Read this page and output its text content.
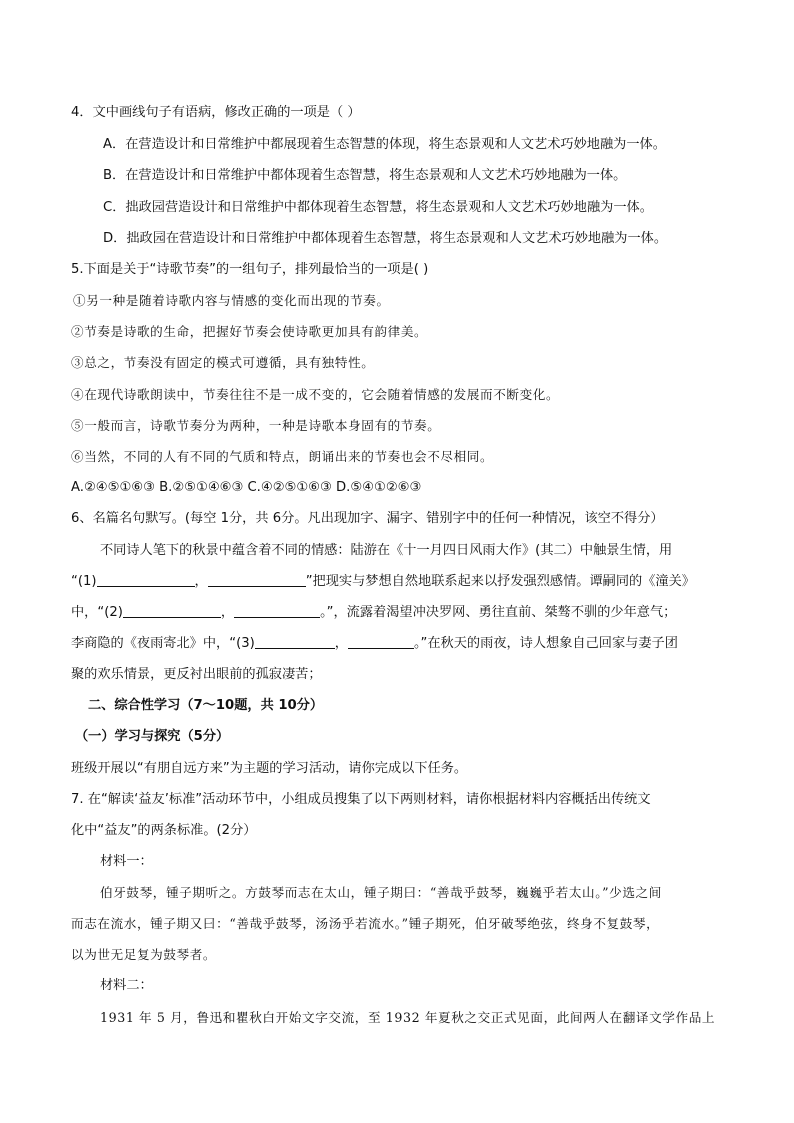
4．文中画线句子有语病，修改正确的一项是（ ）
A．在营造设计和日常维护中都展现着生态智慧的体现，将生态景观和人文艺术巧妙地融为一体。
B．在营造设计和日常维护中都体现着生态智慧，将生态景观和人文艺术巧妙地融为一体。
C．拙政园营造设计和日常维护中都体现着生态智慧，将生态景观和人文艺术巧妙地融为一体。
D．拙政园在营造设计和日常维护中都体现着生态智慧，将生态景观和人文艺术巧妙地融为一体。
5.下面是关于“诗歌节奏”的一组句子，排列最恰当的一项是( )
①另一种是随着诗歌内容与情感的变化而出现的节奏。
②节奏是诗歌的生命，把握好节奏会使诗歌更加具有韵律美。
③总之，节奏没有固定的模式可遵循，具有独特性。
④在现代诗歌朗读中，节奏往往不是一成不变的，它会随着情感的发展而不断变化。
⑤一般而言，诗歌节奏分为两种，一种是诗歌本身固有的节奏。
⑥当然，不同的人有不同的气质和特点，朗诵出来的节奏也会不尽相同。
A.②④⑤①⑥③ B.②⑤①④⑥③ C.④②⑤①⑥③ D.⑤④①②⑥③
6、名篇名句默写。(每空 1分，共 6分。凡出现加字、漏字、错别字中的任何一种情况，该空不得分）
不同诗人笔下的秋景中蕴含着不同的情感：陆游在《十一月四日风雨大作》(其二）中触景生情，用
“(1)	，	”把现实与梦想自然地联系起来以抒发强烈感情。谭嗣同的《潼关》
中，“(2)	，	。”，流露着渴望冲决罗网、勇往直前、桀骜不驯的少年意气；
李商隐的《夜雨寄北》中，“(3)	，	。”在秋天的雨夜，诗人想象自己回家与妻子团
聚的欢乐情景，更反衬出眼前的孤寂凄苦；
二、综合性学习（7～10题，共 10分）
（一）学习与探究（5分）
班级开展以“有朋自远方来”为主题的学习活动，请你完成以下任务。
7. 在“解读‘益友’标准”活动环节中，小组成员搜集了以下两则材料，请你根据材料内容概括出传统文
化中“益友”的两条标准。(2分）
材料一：
伯牙鼓琴，锺子期听之。方鼓琴而志在太山，锺子期曰：“善哉乎鼓琴，巍巍乎若太山。”少选之间
而志在流水，锺子期又曰：“善哉乎鼓琴，汤汤乎若流水。”锺子期死，伯牙破琴绝弦，终身不复鼓琴，
以为世无足复为鼓琴者。
材料二：
1931 年 5 月，鲁迅和瞿秋白开始文字交流，至 1932 年夏秋之交正式见面，此间两人在翻译文学作品上
